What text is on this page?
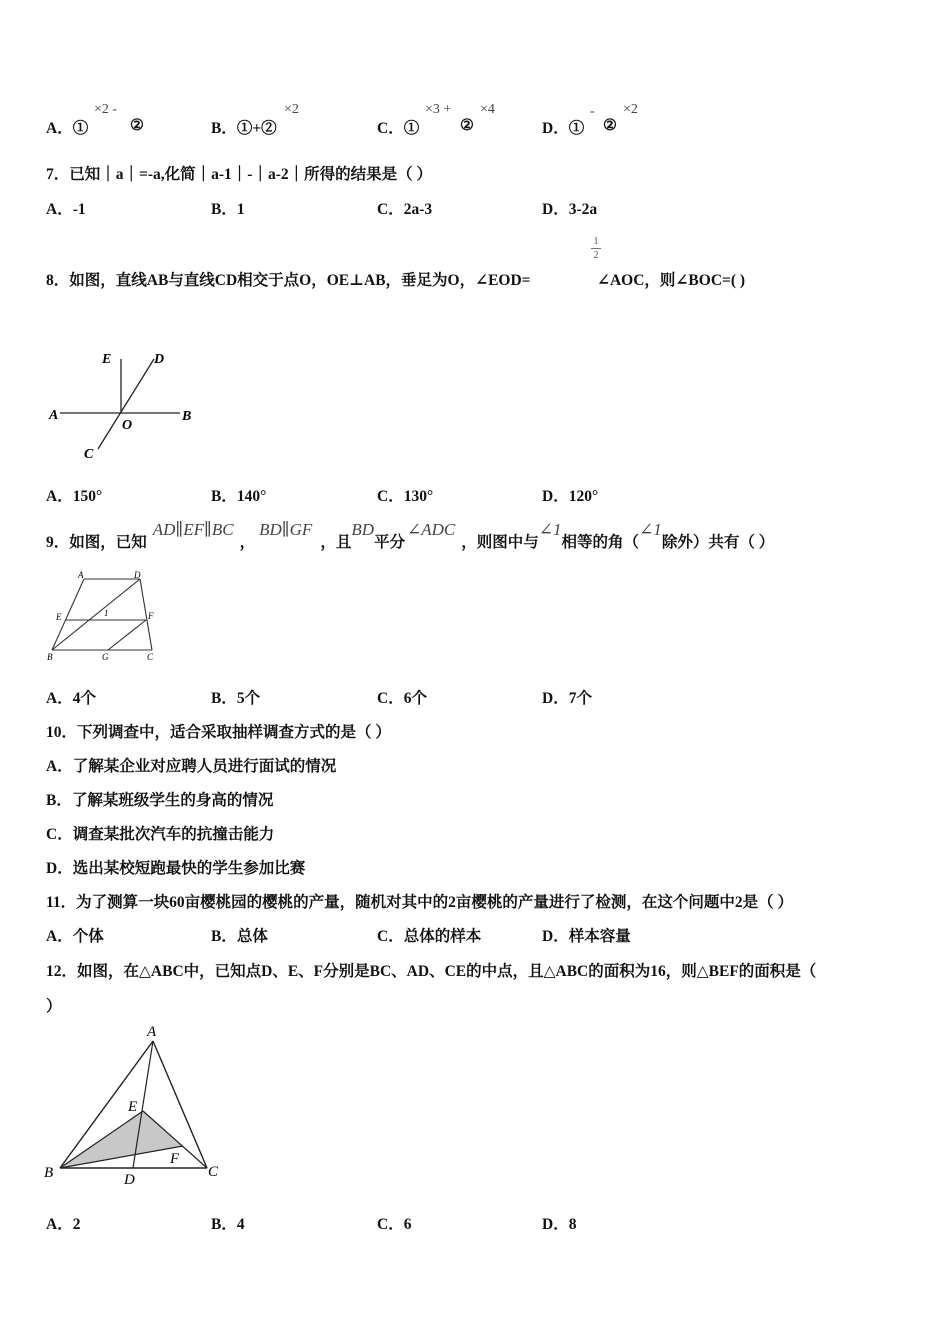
A．①
×2 -
②	B．①+②
×2
C．①
×3 +
②
×4
D．①
-
②
×2
7．已知｜a｜=-a,化简｜a-1｜-｜a-2｜所得的结果是（ ）
A．-1	B．1	C．2a-3	D．3-2a
8．如图，直线AB与直线CD相交于点O，OE⊥AB，垂足为O，∠EOD=
1
2
∠AOC，则∠BOC=( )
A	B
E	D
O
C
A．150°	B．140°	C．130°	D．120°
9．如图，已知AD∥EF∥BC，BD∥GF，且BD平分∠ADC，则图中与∠1相等的角（∠1除外）共有（ ）
A	D
E	F
1
B	G	C
A．4个	B．5个	C．6个	D．7个
10．下列调查中，适合采取抽样调查方式的是（ ）
A．了解某企业对应聘人员进行面试的情况
B．了解某班级学生的身高的情况
C．调查某批次汽车的抗撞击能力
D．选出某校短跑最快的学生参加比赛
11．为了测算一块60亩樱桃园的樱桃的产量，随机对其中的2亩樱桃的产量进行了检测，在这个问题中2是（ ）
A．个体	B．总体	C．总体的样本	D．样本容量
12．如图，在△ABC中，已知点D、E、F分别是BC、AD、CE的中点，且△ABC的面积为16，则△BEF的面积是（
）
A
E
F
B	D	C
A．2	B．4	C．6	D．8
